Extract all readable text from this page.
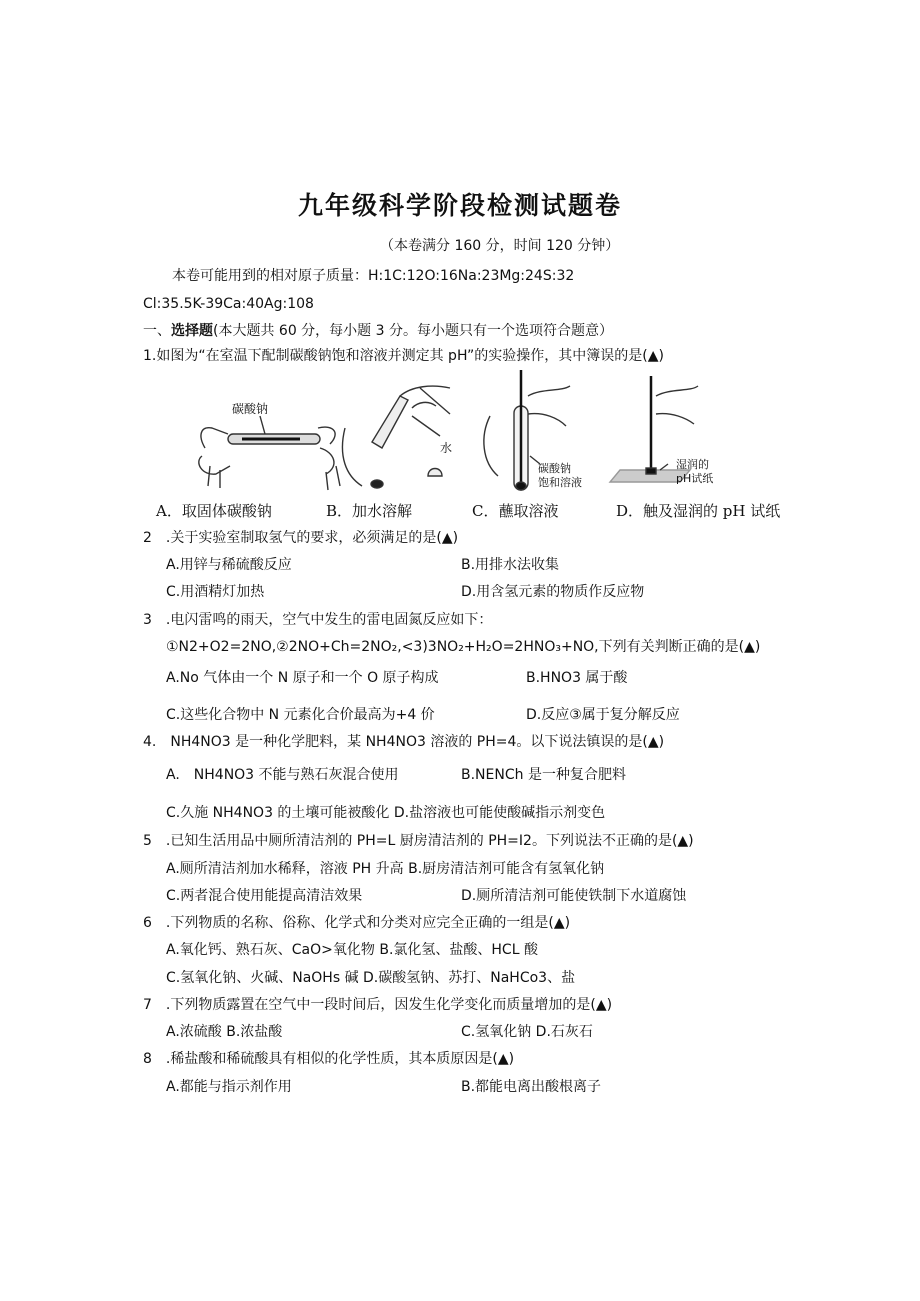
九年级科学阶段检测试题卷
（本卷满分 160 分，时间 120 分钟）
本卷可能用到的相对原子质量：H:1C:12O:16Na:23Mg:24S:32
Cl:35.5K-39Ca:40Ag:108
一、选择题(本大题共 60 分，每小题 3 分。每小题只有一个选项符合题意）
1.如图为“在室温下配制碳酸钠饱和溶液并测定其 pH”的实验操作，其中簿误的是(▲)
碳酸钠
水
碳酸钠
饱和溶液
湿润的
pH试纸
A．取固体碳酸钠	B．加水溶解	C．蘸取溶液	D．触及湿润的 pH 试纸
2　.关于实验室制取氢气的要求，必须满足的是(▲)
A.用锌与稀硫酸反应	B.用排水法收集
C.用酒精灯加热	D.用含氢元素的物质作反应物
3　.电闪雷鸣的雨天，空气中发生的雷电固氮反应如下：
①N2+O2=2NO,②2NO+Ch=2NO₂,<3)3NO₂+H₂O=2HNO₃+NO,下列有关判断正确的是(▲)
A.No 气体由一个 N 原子和一个 O 原子构成	B.HNO3 属于酸
C.这些化合物中 N 元素化合价最高为+4 价	D.反应③属于复分解反应
4.　NH4NO3 是一种化学肥料，某 NH4NO3 溶液的 PH=4。以下说法镇误的是(▲)
A.　NH4NO3 不能与熟石灰混合使用	B.NENCh 是一种复合肥料
C.久施 NH4NO3 的土壤可能被酸化 D.盐溶液也可能使酸碱指示剂变色
5　.已知生活用品中厕所清洁剂的 PH=L 厨房清洁剂的 PH=I2。下列说法不正确的是(▲)
A.厕所清洁剂加水稀释，溶液 PH 升高 B.厨房清洁剂可能含有氢氧化钠
C.两者混合使用能提高清洁效果	D.厕所清洁剂可能使铁制下水道腐蚀
6　.下列物质的名称、俗称、化学式和分类对应完全正确的一组是(▲)
A.氧化钙、熟石灰、CaO>氧化物 B.氯化氢、盐酸、HCL 酸
C.氢氧化钠、火碱、NaOHs 碱 D.碳酸氢钠、苏打、NaHCo3、盐
7　.下列物质露置在空气中一段时间后，因发生化学变化而质量增加的是(▲)
A.浓硫酸 B.浓盐酸	C.氢氧化钠 D.石灰石
8　.稀盐酸和稀硫酸具有相似的化学性质，其本质原因是(▲)
A.都能与指示剂作用	B.都能电离出酸根离子
